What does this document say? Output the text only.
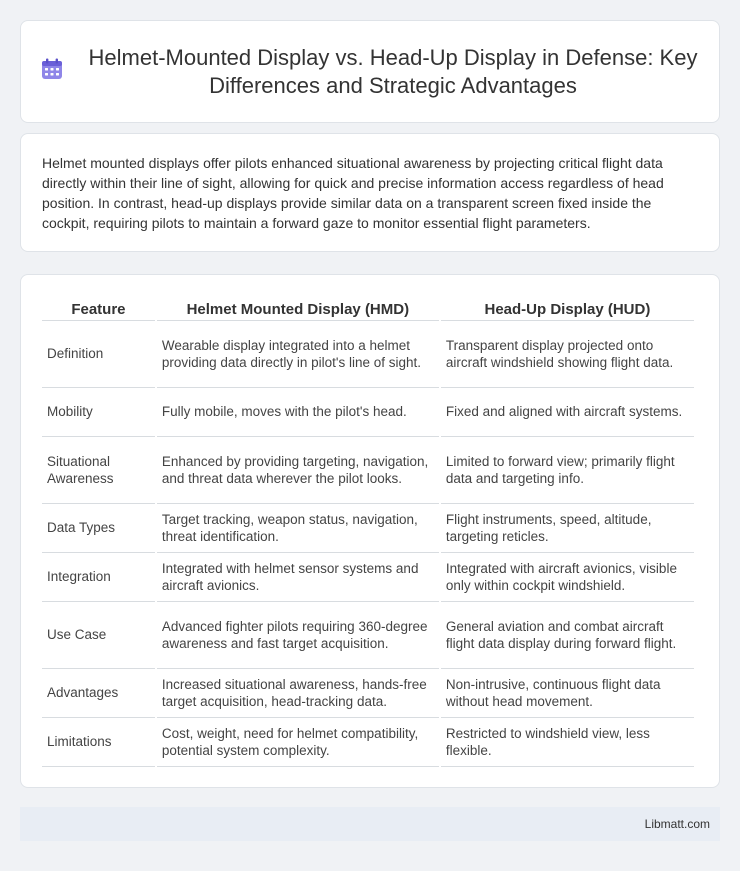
Helmet-Mounted Display vs. Head-Up Display in Defense: Key Differences and Strategic Advantages

Helmet mounted displays offer pilots enhanced situational awareness by projecting critical flight data directly within their line of sight, allowing for quick and precise information access regardless of head position. In contrast, head-up displays provide similar data on a transparent screen fixed inside the cockpit, requiring pilots to maintain a forward gaze to monitor essential flight parameters.

Feature	Helmet Mounted Display (HMD)	Head-Up Display (HUD)
Definition	Wearable display integrated into a helmet providing data directly in pilot's line of sight.	Transparent display projected onto aircraft windshield showing flight data.
Mobility	Fully mobile, moves with the pilot's head.	Fixed and aligned with aircraft systems.
Situational Awareness	Enhanced by providing targeting, navigation, and threat data wherever the pilot looks.	Limited to forward view; primarily flight data and targeting info.
Data Types	Target tracking, weapon status, navigation, threat identification.	Flight instruments, speed, altitude, targeting reticles.
Integration	Integrated with helmet sensor systems and aircraft avionics.	Integrated with aircraft avionics, visible only within cockpit windshield.
Use Case	Advanced fighter pilots requiring 360-degree awareness and fast target acquisition.	General aviation and combat aircraft flight data display during forward flight.
Advantages	Increased situational awareness, hands-free target acquisition, head-tracking data.	Non-intrusive, continuous flight data without head movement.
Limitations	Cost, weight, need for helmet compatibility, potential system complexity.	Restricted to windshield view, less flexible.
Libmatt.com
